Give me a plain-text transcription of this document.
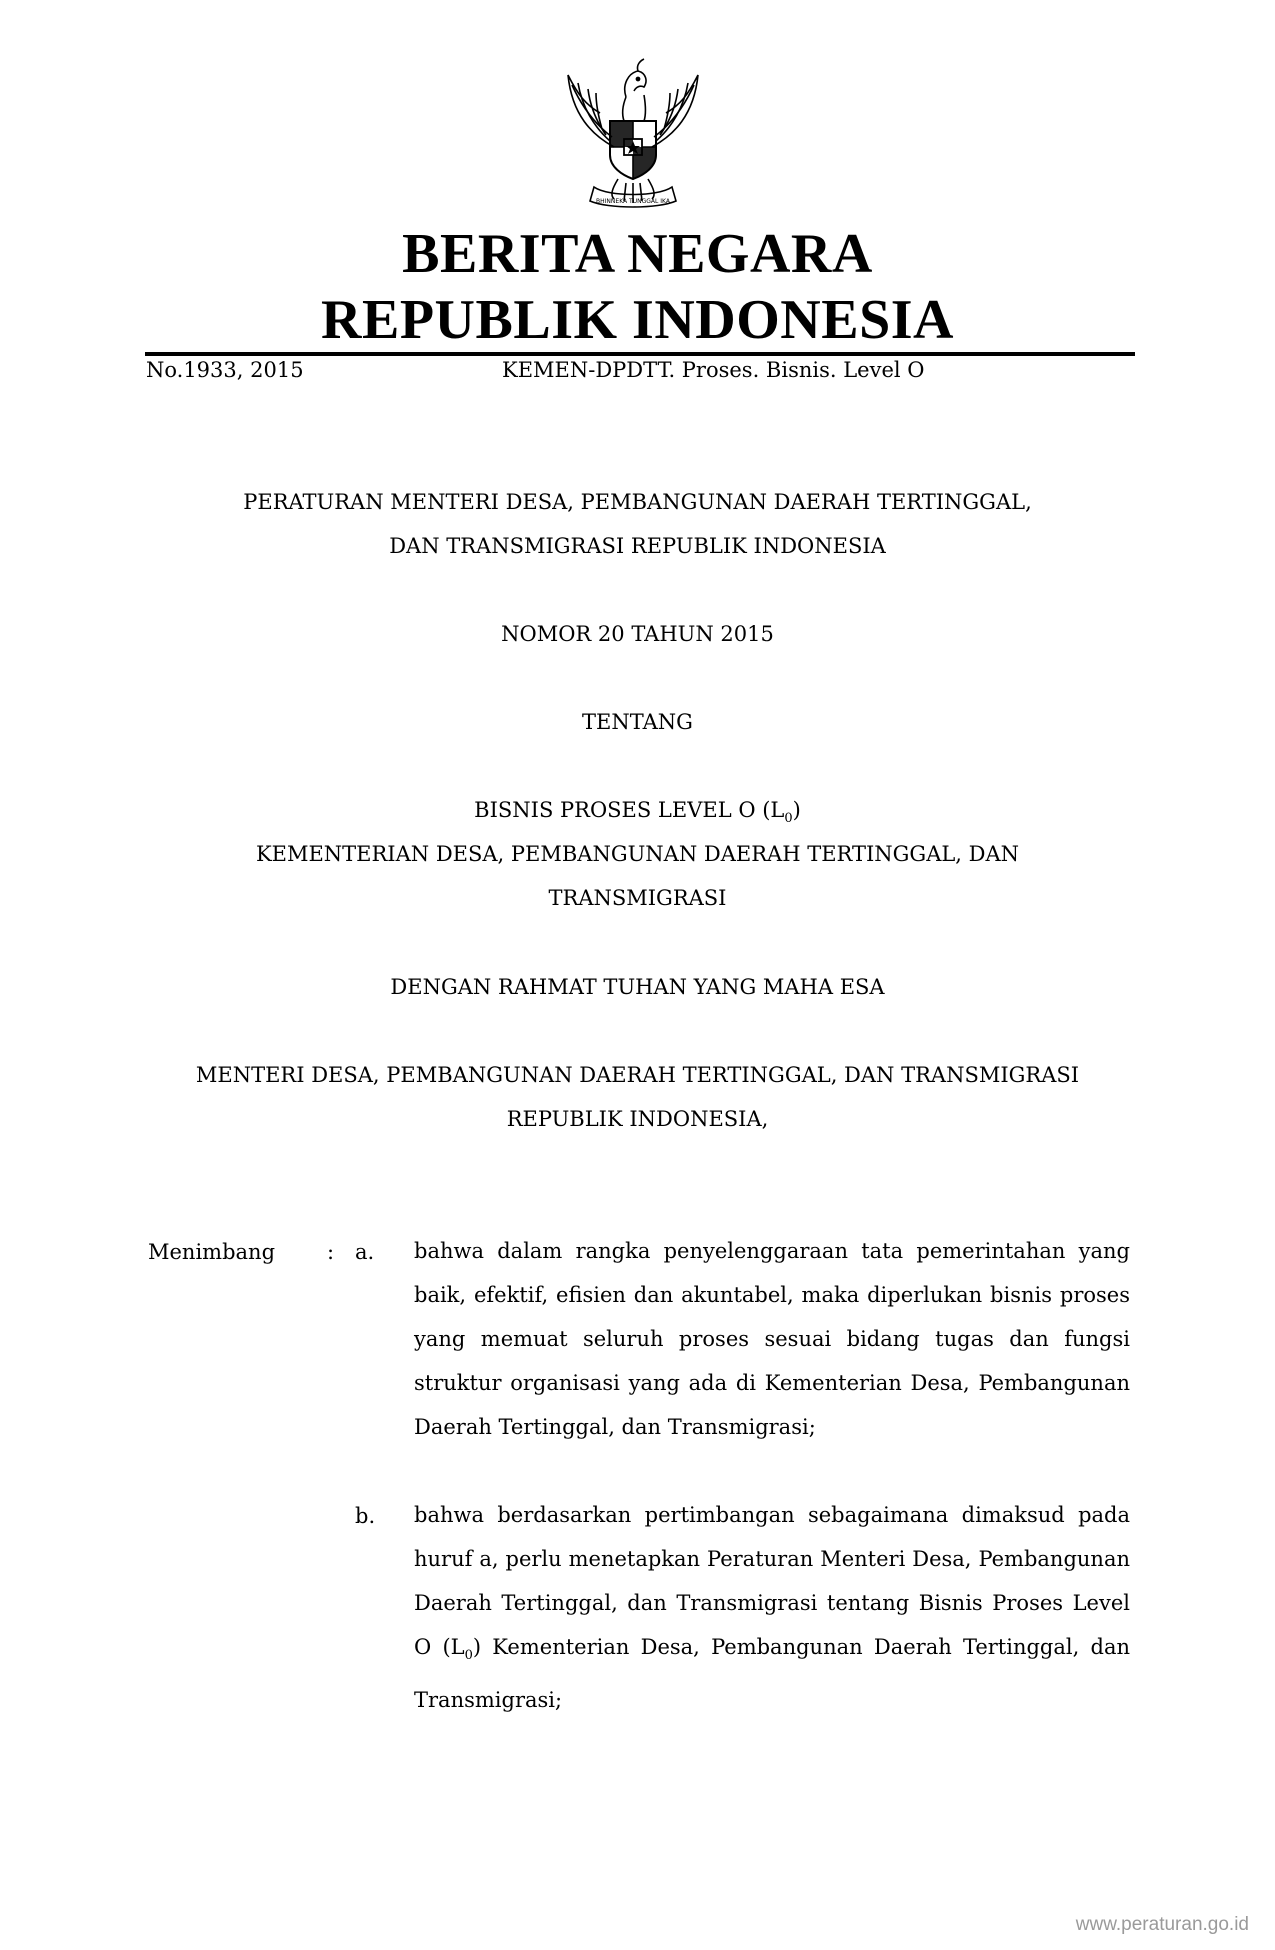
BHINNEKA TUNGGAL IKA
BERITA NEGARA
REPUBLIK INDONESIA
No.1933, 2015	KEMEN-DPDTT. Proses. Bisnis. Level O
PERATURAN MENTERI DESA, PEMBANGUNAN DAERAH TERTINGGAL,
DAN TRANSMIGRASI REPUBLIK INDONESIA
NOMOR 20 TAHUN 2015
TENTANG
BISNIS PROSES LEVEL O $(L_0)$
KEMENTERIAN DESA, PEMBANGUNAN DAERAH TERTINGGAL, DAN
TRANSMIGRASI
DENGAN RAHMAT TUHAN YANG MAHA ESA
MENTERI DESA, PEMBANGUNAN DAERAH TERTINGGAL, DAN TRANSMIGRASI
REPUBLIK INDONESIA,
Menimbang : a. bahwa dalam rangka penyelenggaraan tata pemerintahan yang baik, efektif, efisien dan akuntabel, maka diperlukan bisnis proses yang memuat seluruh proses sesuai bidang tugas dan fungsi struktur organisasi yang ada di Kementerian Desa, Pembangunan Daerah Tertinggal, dan Transmigrasi;
b. bahwa berdasarkan pertimbangan sebagaimana dimaksud pada huruf a, perlu menetapkan Peraturan Menteri Desa, Pembangunan Daerah Tertinggal, dan Transmigrasi tentang Bisnis Proses Level O $(L_0)$ Kementerian Desa, Pembangunan Daerah Tertinggal, dan Transmigrasi;
www.peraturan.go.id
